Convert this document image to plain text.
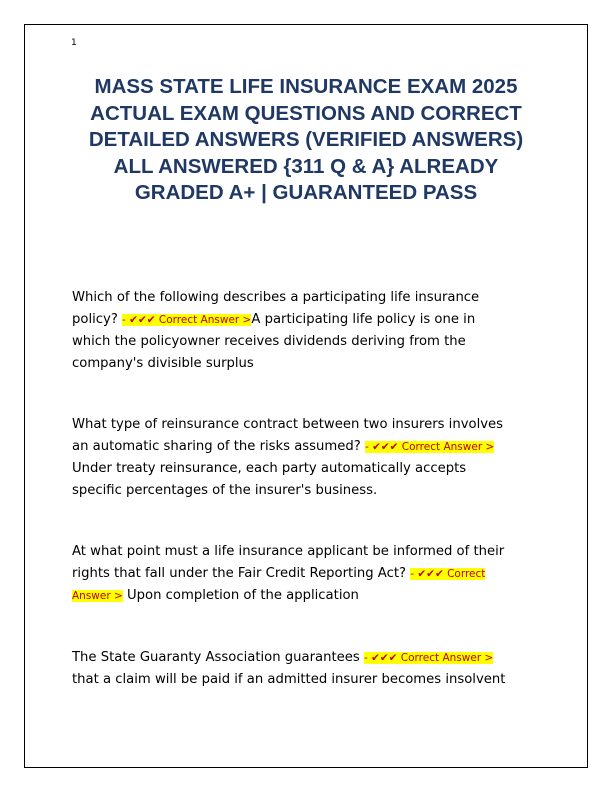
1
MASS STATE LIFE INSURANCE EXAM 2025
ACTUAL EXAM QUESTIONS AND CORRECT
DETAILED ANSWERS (VERIFIED ANSWERS)
ALL ANSWERED {311 Q & A} ALREADY
GRADED A+ | GUARANTEED PASS
Which of the following describes a participating life insurance
policy? - ✔✔✔ Correct Answer >A participating life policy is one in
which the policyowner receives dividends deriving from the
company's divisible surplus
What type of reinsurance contract between two insurers involves
an automatic sharing of the risks assumed? - ✔✔✔ Correct Answer >
Under treaty reinsurance, each party automatically accepts
specific percentages of the insurer's business.
At what point must a life insurance applicant be informed of their
rights that fall under the Fair Credit Reporting Act? - ✔✔✔ Correct
Answer > Upon completion of the application
The State Guaranty Association guarantees - ✔✔✔ Correct Answer >
that a claim will be paid if an admitted insurer becomes insolvent
